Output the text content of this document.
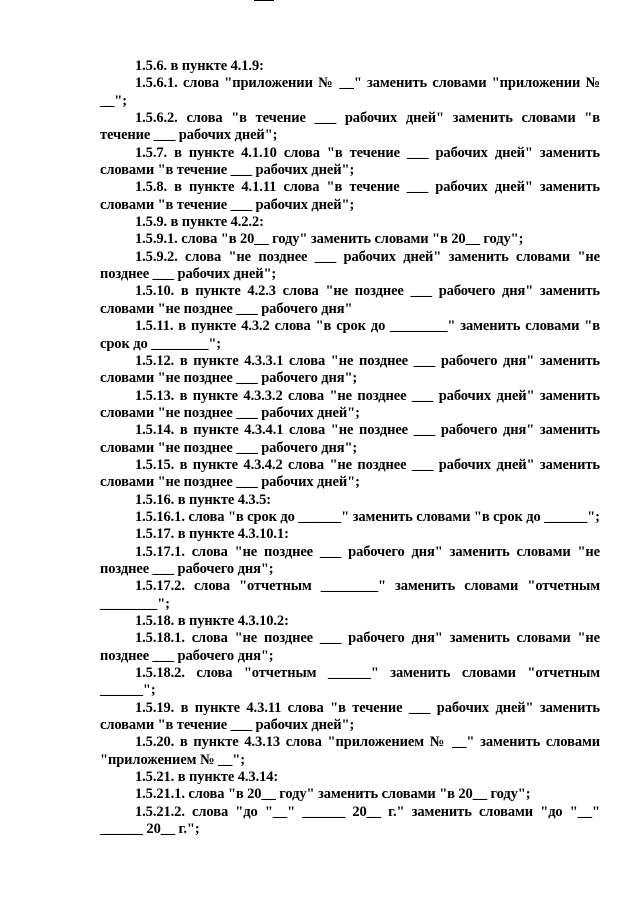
1.5.6. в пункте 4.1.9:

1.5.6.1. слова "приложении № __" заменить словами "приложении № __";

1.5.6.2. слова "в течение ___ рабочих дней" заменить словами "в течение ___ рабочих дней";

1.5.7. в пункте 4.1.10 слова "в течение ___ рабочих дней" заменить словами "в течение ___ рабочих дней";

1.5.8. в пункте 4.1.11 слова "в течение ___ рабочих дней" заменить словами "в течение ___ рабочих дней";

1.5.9. в пункте 4.2.2:

1.5.9.1. слова "в 20__ году" заменить словами "в 20__ году";

1.5.9.2. слова "не позднее ___ рабочих дней" заменить словами "не позднее ___ рабочих дней";

1.5.10. в пункте 4.2.3 слова "не позднее ___ рабочего дня" заменить словами "не позднее ___ рабочего дня"

1.5.11. в пункте 4.3.2 слова "в срок до ________" заменить словами "в срок до ________";

1.5.12. в пункте 4.3.3.1 слова "не позднее ___ рабочего дня" заменить словами "не позднее ___ рабочего дня";

1.5.13. в пункте 4.3.3.2 слова "не позднее ___ рабочих дней" заменить словами "не позднее ___ рабочих дней";

1.5.14. в пункте 4.3.4.1 слова "не позднее ___ рабочего дня" заменить словами "не позднее ___ рабочего дня";

1.5.15. в пункте 4.3.4.2 слова "не позднее ___ рабочих дней" заменить словами "не позднее ___ рабочих дней";

1.5.16. в пункте 4.3.5:

1.5.16.1. слова "в срок до ______" заменить словами "в срок до ______";

1.5.17. в пункте 4.3.10.1:

1.5.17.1. слова "не позднее ___ рабочего дня" заменить словами "не позднее ___ рабочего дня";

1.5.17.2. слова "отчетным ________" заменить словами "отчетным ________";

1.5.18. в пункте 4.3.10.2:

1.5.18.1. слова "не позднее ___ рабочего дня" заменить словами "не позднее ___ рабочего дня";

1.5.18.2. слова "отчетным ______" заменить словами "отчетным ______";

1.5.19. в пункте 4.3.11 слова "в течение ___ рабочих дней" заменить словами "в течение ___ рабочих дней";

1.5.20. в пункте 4.3.13 слова "приложением № __" заменить словами "приложением № __";

1.5.21. в пункте 4.3.14:

1.5.21.1. слова "в 20__ году" заменить словами "в 20__ году";

1.5.21.2. слова "до "__" ______ 20__ г." заменить словами "до "__" ______ 20__ г.";
